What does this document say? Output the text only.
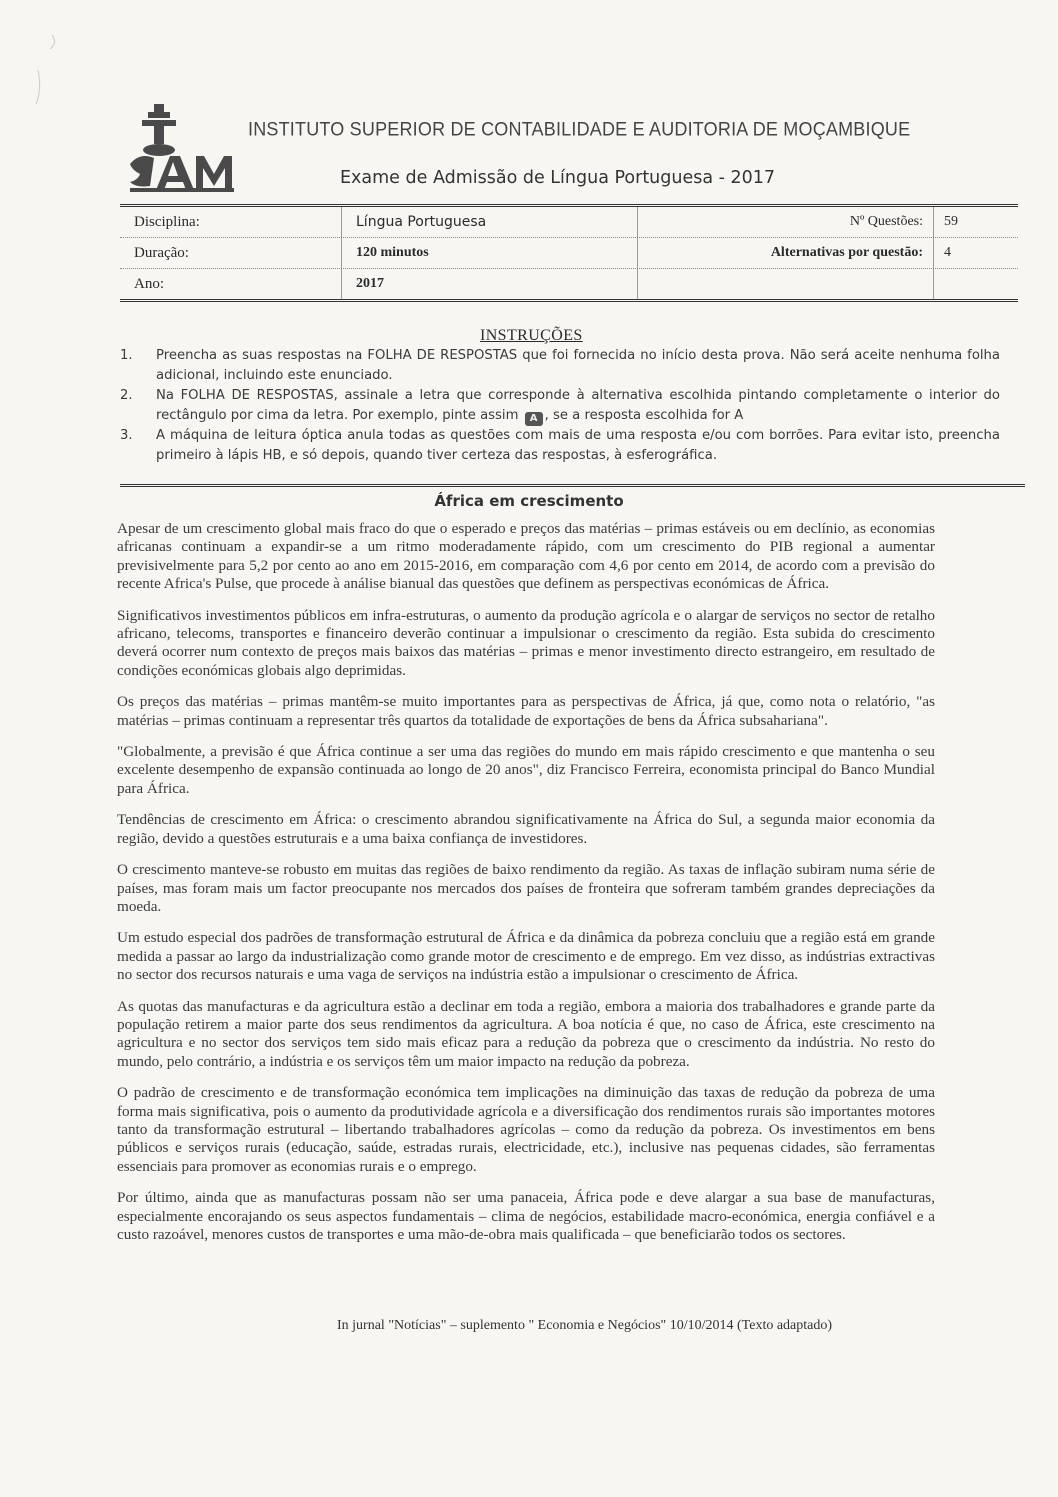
ISCAM
INSTITUTO SUPERIOR DE CONTABILIDADE E AUDITORIA DE MOÇAMBIQUE
Exame de Admissão de Língua Portuguesa - 2017
Disciplina:	Língua Portuguesa	Nº Questões:	59
Duração:	120 minutos	Alternativas por questão:	4
Ano:	2017
INSTRUÇÕES
1.	Preencha as suas respostas na FOLHA DE RESPOSTAS que foi fornecida no início desta prova. Não será aceite nenhuma folha adicional, incluindo este enunciado.
2.	Na FOLHA DE RESPOSTAS, assinale a letra que corresponde à alternativa escolhida pintando completamente o interior do rectângulo por cima da letra. Por exemplo, pinte assim A , se a resposta escolhida for A
3.	A máquina de leitura óptica anula todas as questões com mais de uma resposta e/ou com borrões. Para evitar isto, preencha primeiro à lápis HB, e só depois, quando tiver certeza das respostas, à esferográfica.
África em crescimento

Apesar de um crescimento global mais fraco do que o esperado e preços das matérias – primas estáveis ou em declínio, as economias africanas continuam a expandir-se a um ritmo moderadamente rápido, com um crescimento do PIB regional a aumentar previsivelmente para 5,2 por cento ao ano em 2015-2016, em comparação com 4,6 por cento em 2014, de acordo com a previsão do recente Africa's Pulse, que procede à análise bianual das questões que definem as perspectivas económicas de África.

Significativos investimentos públicos em infra-estruturas, o aumento da produção agrícola e o alargar de serviços no sector de retalho africano, telecoms, transportes e financeiro deverão continuar a impulsionar o crescimento da região. Esta subida do crescimento deverá ocorrer num contexto de preços mais baixos das matérias – primas e menor investimento directo estrangeiro, em resultado de condições económicas globais algo deprimidas.

Os preços das matérias – primas mantêm-se muito importantes para as perspectivas de África, já que, como nota o relatório, "as matérias – primas continuam a representar três quartos da totalidade de exportações de bens da África subsahariana".

"Globalmente, a previsão é que África continue a ser uma das regiões do mundo em mais rápido crescimento e que mantenha o seu excelente desempenho de expansão continuada ao longo de 20 anos", diz Francisco Ferreira, economista principal do Banco Mundial para África.

Tendências de crescimento em África: o crescimento abrandou significativamente na África do Sul, a segunda maior economia da região, devido a questões estruturais e a uma baixa confiança de investidores.

O crescimento manteve-se robusto em muitas das regiões de baixo rendimento da região. As taxas de inflação subiram numa série de países, mas foram mais um factor preocupante nos mercados dos países de fronteira que sofreram também grandes depreciações da moeda.

Um estudo especial dos padrões de transformação estrutural de África e da dinâmica da pobreza concluiu que a região está em grande medida a passar ao largo da industrialização como grande motor de crescimento e de emprego. Em vez disso, as indústrias extractivas no sector dos recursos naturais e uma vaga de serviços na indústria estão a impulsionar o crescimento de África.

As quotas das manufacturas e da agricultura estão a declinar em toda a região, embora a maioria dos trabalhadores e grande parte da população retirem a maior parte dos seus rendimentos da agricultura. A boa notícia é que, no caso de África, este crescimento na agricultura e no sector dos serviços tem sido mais eficaz para a redução da pobreza que o crescimento da indústria. No resto do mundo, pelo contrário, a indústria e os serviços têm um maior impacto na redução da pobreza.

O padrão de crescimento e de transformação económica tem implicações na diminuição das taxas de redução da pobreza de uma forma mais significativa, pois o aumento da produtividade agrícola e a diversificação dos rendimentos rurais são importantes motores tanto da transformação estrutural – libertando trabalhadores agrícolas – como da redução da pobreza. Os investimentos em bens públicos e serviços rurais (educação, saúde, estradas rurais, electricidade, etc.), inclusive nas pequenas cidades, são ferramentas essenciais para promover as economias rurais e o emprego.

Por último, ainda que as manufacturas possam não ser uma panaceia, África pode e deve alargar a sua base de manufacturas, especialmente encorajando os seus aspectos fundamentais – clima de negócios, estabilidade macro-económica, energia confiável e a custo razoável, menores custos de transportes e uma mão-de-obra mais qualificada – que beneficiarão todos os sectores.

In jurnal "Notícias" – suplemento " Economia e Negócios" 10/10/2014 (Texto adaptado)
